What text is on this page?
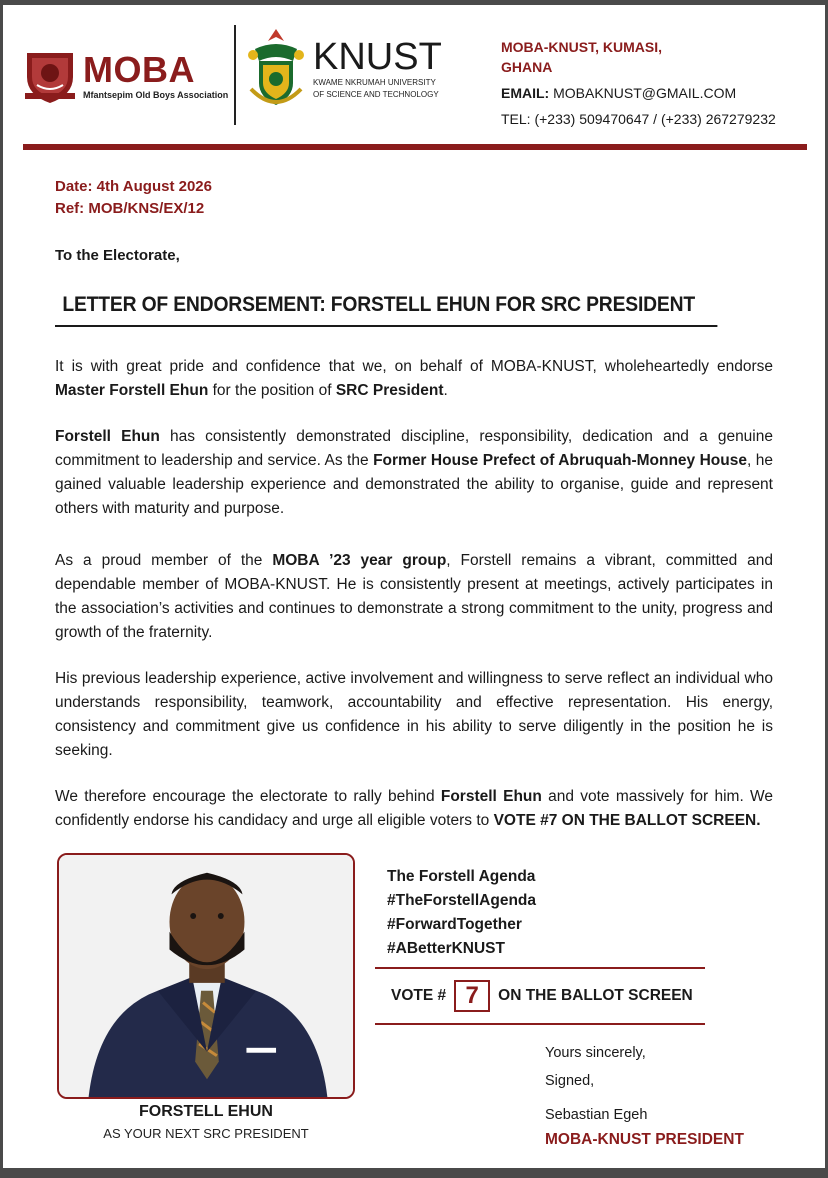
MOBA
Mfantsepim Old Boys Association
KNUST
KWAME NKRUMAH UNIVERSITY
OF SCIENCE AND TECHNOLOGY
MOBA-KNUST, KUMASI,
GHANA
EMAIL: MOBAKNUST@GMAIL.COM
TEL: (+233) 509470647 / (+233) 267279232
Date: 4th August 2026
Ref: MOB/KNS/EX/12
To the Electorate,
LETTER OF ENDORSEMENT: FORSTELL EHUN FOR SRC PRESIDENT
It is with great pride and confidence that we, on behalf of MOBA-KNUST, wholeheartedly endorse Master Forstell Ehun for the position of SRC President.
Forstell Ehun has consistently demonstrated discipline, responsibility, dedication and a genuine commitment to leadership and service. As the Former House Prefect of Abruquah-Monney House, he gained valuable leadership experience and demonstrated the ability to organise, guide and represent others with maturity and purpose.
As a proud member of the MOBA ’23 year group, Forstell remains a vibrant, committed and dependable member of MOBA-KNUST. He is consistently present at meetings, actively participates in the association’s activities and continues to demonstrate a strong commitment to the unity, progress and growth of the fraternity.
His previous leadership experience, active involvement and willingness to serve reflect an individual who understands responsibility, teamwork, accountability and effective representation. His energy, consistency and commitment give us confidence in his ability to serve diligently in the position he is seeking.
We therefore encourage the electorate to rally behind Forstell Ehun and vote massively for him. We confidently endorse his candidacy and urge all eligible voters to VOTE #7 ON THE BALLOT SCREEN.
FORSTELL EHUN
AS YOUR NEXT SRC PRESIDENT
The Forstell Agenda
#TheForstellAgenda
#ForwardTogether
#ABetterKNUST
VOTE # 7	ON THE BALLOT SCREEN
Yours sincerely,
Signed,
Sebastian Egeh
MOBA-KNUST PRESIDENT
